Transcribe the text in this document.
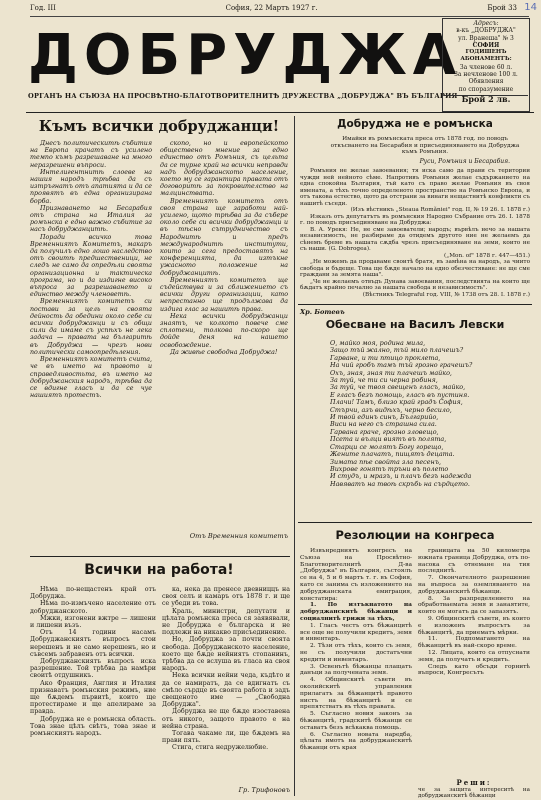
Год. III	София, 22 Мартъ 1927 г.	Брой 33 14
ДОБРУДЖА
ОРГАНЪ НА СЪЮЗА НА ПРОСВѢТНО-БЛАГОТВОРИТЕЛНИТѢ ДРУЖЕСТВА „ДОБРУДЖА" ВЪ БЪЛГАРИЯ
Адресъ:
в-къ „ДОБРУДЖА"
ул. Вранеша" № 3
СОФИЯ
ГОДИШЕНЪ АБОНАМЕНТЪ:
За членове 60 л.
За нечленове 100 л.
Обявления
по споразумение
Брой 2 лв.
Къмъ всички добруджанци!

Днесъ политическитѣ събития на Европа крачатъ съ усилено темпо къмъ разрешаване на много неразрешени въпроси.

Интелигентнитѣ слоеве на нашия народъ трѣбва да съ изтръгнатъ отъ апатията и да се проявятъ въ една организирана борба.

Признаването на Бесарабия отъ страна на Италия за ромънска е едно важно събитие за насъ добруджанцитѣ.

Поради всичко това Временниятъ Комитетъ, макаръ да получилъ едно лошо наследство отъ своитѣ предшественици, не следъ не само да опредѣли своята организационна и тактическа програма, но и да издигне високо въпроса за разрешаването и единство между членоветѣ.

Временниятъ комитетъ си постави за цель на своята дейность да обедини около себе си всички добруджанци и съ общи сили да имаме съ успѣхъ не лека задача — правата на българитѣ въ Добруджа — чрезъ нови политически самоопредѣления.

Временниятъ комитетъ счита, че въ името на правото и справедливостьта, въ името на добруджанския народъ, трѣбва да се вдигне гласъ и да се чуе нашиятъ протестъ.

скопо, но и европейското обществено мнение за едно единство отъ Ромъния, съ цельта да се турне край на всички неправди надъ добруджанското население, което му се гарантира правата отъ договоритѣ за покровителство на малцинствата.

Временниятъ комитетъ отъ своя страна ще заработи най-усилено, щото трѣбва за да събере около себе си всички добруджанци и въ тѣсно сътрудничество съ Народнитѣ и предъ международнитѣ институти, които за сега предоставятъ на конференцията, да изтъкне ужасното положение на добруджанцитѣ.

Временниятъ комитетъ ще съдействува и за сближението съ всички други организации, като непрестанно ще продължава да издига глас за нашитѣ права.

Нека всички добруджанци знаятъ, че колкото повече сме сплотени, толкова по-скоро ще дойде деня на нашето освобождение.

Да живѣе свободна Добруджа!

Отъ Временния комитетъ
Всички на работа!

Нѣма по-нещастенъ край отъ Добруджа.

Нѣма по-измъчено население отъ добруджанското.

Мжки, изгонени вжтре — лишени и лишени възъ.

Отъ 14 години насамъ Добруджанскиятъ въпросъ стои нерешенъ и не само нерешенъ, но и съвсемъ забравенъ отъ всички.

Добруджанскиятъ въпросъ иска разрешение. Той трѣбва да намѣри своитѣ отдушникъ.

Ако Франция, Англия и Италия признаватъ ромънския режимъ, ние ще бѫдемъ първитѣ, които ще протестираме и ще апелираме за правда.

Добруджа не е ромънска область. Това знае цѣлъ свѣтъ, това знае и ромънскиятъ народъ.

ка, нека да пренесе двевниццъ на своя селъ и камаръ отъ 1878 г. и ще се убеди въ това.

Краль, министри, депутати и цѣлата ромънска преса ся заявявали, не Добруджа е българска и не подлежи на никакво присъединение.

Но, Добруджа за почти своята свобода. Добруджанското население, което ще бѫде нейниятъ стопанинъ, трѣбва да се вслуша въ гласа на своя народъ.

Нека всички нейни чеда, къдѣто и да се намиратъ, да се вдигнатъ съ смѣло сърдце въ своята работа и задъ свещеното име — „Свободна Добруджа".

Добруджа не ще бѫде изоставена отъ никого, защото правото е на нейна страна.

Тогава чакаме ли, ще бѫдемъ на прави пять.

Стига, стига недружелюбие.

Гр. Трифоновъ
Добруджа не е ромънска
Имайки въ ромънската преса отъ 1878 год. по поводъ откъсването на Бесарабия и присъединяването на Добруджа къмъ Ромъния.
Руси, Ромъния и Бесарабия.

Ромъния не желае завоевания; тя иска само да прави съ територии чужди ней нейното сѣме. Напротивъ Ромъния желае съдържанието на една спокойна България, тъй като съ право желае Ромъния въ своя имената, а тѣхъ точно определеното пространство на Ромънско Европа, и отъ такова естество, щото да отстрани за винаги нещастнитѣ конфликти съ нашитѣ съседи.

(Изъ вѣстникъ „Steaua Romăniei" год. II, № 19 26. I. 1878 г.)

Изказъ отъ депутатътъ въ ромънския Народно Събрание отъ 26. I. 1878 г. по поводъ присъединяване на Добруджа:

В. А. Урекя: Не, не сме завоеватели; народъ; вървѣлъ нечо за нашата независимость, не разбираме да отидемъ другото ние не желаемъ да сѣнемъ бреме въ нашата сѫдба чрезъ присъединяване на земи, които не съ наши. (G. Dobrogea).

(„Mon. of" 1878 г. 447—451.)

„Не можемъ да продаваме своитѣ братя, въ замѣна на народъ, за чиито свобода и бъдеще. Това ще бѫде начало на едно обезчестяване: не ще сме граждани за земята наша".

„Че не желаемъ отвъдъ Дунава завоевания, последствията на които ще бѫдатъ крайно печално за нашата свобода и независимость".

(Вѣстникъ Telegraful год. VIII, № 1738 отъ 28. I. 1878 г.)

Хр. Ботевъ
Обесване на Василъ Левски
О, майко моя, родина мила,
Защо тъй жално, тъй мило плачешъ?
Гарване, и ти птицо проклета,
На чий гробъ тамъ тъй грозно грачешъ?
Охъ, зная, зная ти плачешъ майко,
За туй, че ти си черна робиня,
За туй, че твоя свещенъ гласъ, майко,
Е гласъ безъ помощь, гласъ въ пустиня.
Плачи! Тамъ, близо край градъ София,
Стърчи, азъ видѣхъ, черно бесило,
И твой единъ синъ, Българийо,
Виси на него съ страшна сила.
Гарвана грачe, грозно зловещо,
Псета и вълци виятъ въ полята,
Старци се молятъ Богу горещо,
Жените плачатъ, пищятъ децата.
Зимата пѣе свойта зла песенъ,
Вихрове гонятъ тръни въ полето
И студъ, и мразъ, и плачъ безъ надежда
Навяватъ на твоѣ скръбь на сърдцето.
Резолюции на конгреса

Извънредниятъ конгресъ на Съюза на Просвѣтно-Благотворителнитѣ Д-ва „Добруджа" въ България, състоялъ се на 4, 5 и 6 мартъ т. г. въ София, като се занима съ изложението на добруджанската емиграция, констатира:

1. По изтъкнатото на добруджанскитѣ бѣжанци и социалнитѣ грижи за тѣхъ,

1. Гласъ честъ отъ бѣжанцитѣ все още не получили кредитъ, земя и инвентаръ.

2. Тѣзи отъ тѣхъ, които съ земя, не съ получили достатъчни кредити и инвентаръ.

3. Освенътѣ бѣжанцы плащатъ данъци за получената земя.

4. Общинскитѣ съвети въ околийскитѣ управления прилагатъ за бѣжанцитѣ правото нистъ на бѣжанцитѣ и се препятстватъ въ тѣхъ правата.

5. Съгласно новия законъ за бѣжанцитѣ, градскитѣ бѣжанци се оставатъ безъ всѣкаква помощь.

6. Съгласно новата наредба, цѣлата имотъ на добруджанскитѣ бѣжанци отъ края

границата на 50 километра южната граница Добруджа, отъ по-насока съ отнемане на тия последнитѣ.

7. Окончателното разрешение на въпроса за оземляването на добруджанскитѣ бѣжанци.

8. За разпределението на обработваемата земя и занаятите, които не могатъ да се запазятъ.

9. Общинскитѣ съвети, въ които е изложенъ въпросътъ за бѣжанцитѣ, да приематъ мѣрки.

11. Подпомагането на бѣжанцитѣ въ най-скоро време.

12. Лицата, които са отпуснати земя, да получатъ и кредитъ.

Следъ като обсъди горнитѣ въпроси, Конгресътъ

Реши:
че за защита интереситѣ на добруджанскитѣ бѣжанци
